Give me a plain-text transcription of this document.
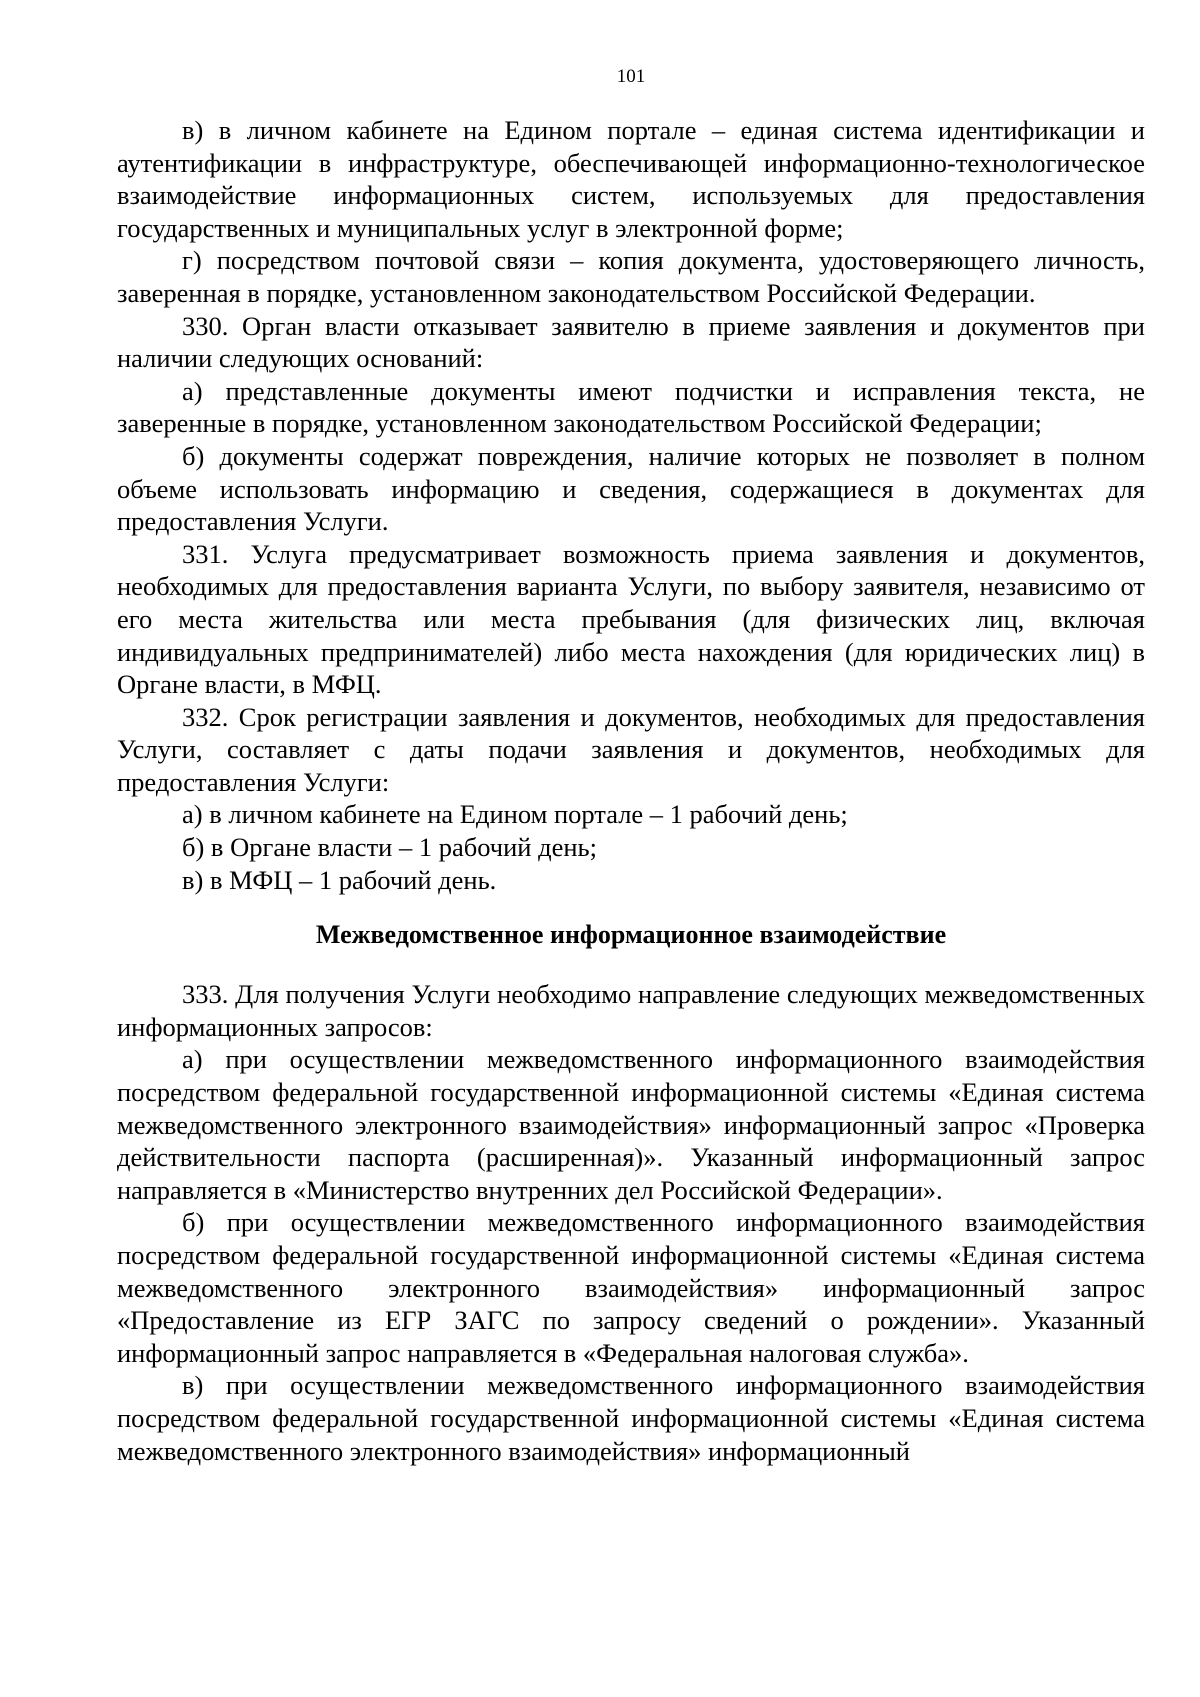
101

в) в личном кабинете на Едином портале – единая система идентификации и аутентификации в инфраструктуре, обеспечивающей информационно-технологическое взаимодействие информационных систем, используемых для предоставления государственных и муниципальных услуг в электронной форме;

г) посредством почтовой связи – копия документа, удостоверяющего личность, заверенная в порядке, установленном законодательством Российской Федерации.

330. Орган власти отказывает заявителю в приеме заявления и документов при наличии следующих оснований:

а) представленные документы имеют подчистки и исправления текста, не заверенные в порядке, установленном законодательством Российской Федерации;

б) документы содержат повреждения, наличие которых не позволяет в полном объеме использовать информацию и сведения, содержащиеся в документах для предоставления Услуги.

331. Услуга предусматривает возможность приема заявления и документов, необходимых для предоставления варианта Услуги, по выбору заявителя, независимо от его места жительства или места пребывания (для физических лиц, включая индивидуальных предпринимателей) либо места нахождения (для юридических лиц) в Органе власти, в МФЦ.

332. Срок регистрации заявления и документов, необходимых для предоставления Услуги, составляет с даты подачи заявления и документов, необходимых для предоставления Услуги:

а) в личном кабинете на Едином портале – 1 рабочий день;

б) в Органе власти – 1 рабочий день;

в) в МФЦ – 1 рабочий день.

Межведомственное информационное взаимодействие

333. Для получения Услуги необходимо направление следующих межведомственных информационных запросов:

а) при осуществлении межведомственного информационного взаимодействия посредством федеральной государственной информационной системы «Единая система межведомственного электронного взаимодействия» информационный запрос «Проверка действительности паспорта (расширенная)». Указанный информационный запрос направляется в «Министерство внутренних дел Российской Федерации».

б) при осуществлении межведомственного информационного взаимодействия посредством федеральной государственной информационной системы «Единая система межведомственного электронного взаимодействия» информационный запрос «Предоставление из ЕГР ЗАГС по запросу сведений о рождении». Указанный информационный запрос направляется в «Федеральная налоговая служба».

в) при осуществлении межведомственного информационного взаимодействия посредством федеральной государственной информационной системы «Единая система межведомственного электронного взаимодействия» информационный
